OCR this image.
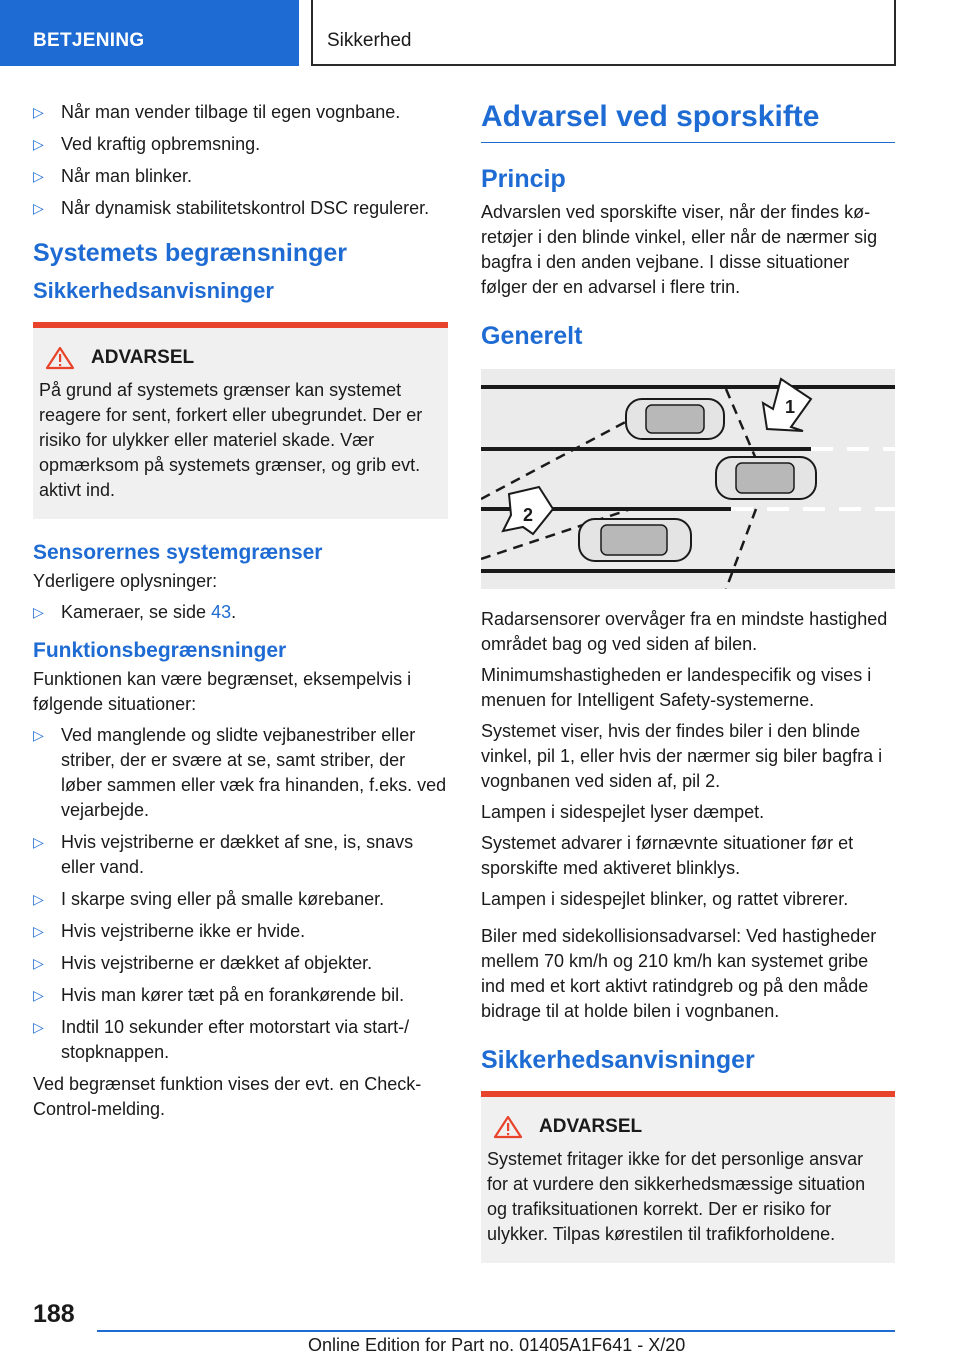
BETJENING	Sikkerhed
▷ Når man vender tilbage til egen vognbane.
▷ Ved kraftig opbremsning.
▷ Når man blinker.
▷ Når dynamisk stabilitetskontrol DSC regulerer.
Systemets begrænsninger
Sikkerhedsanvisninger
ADVARSEL

På grund af systemets grænser kan systemet reagere for sent, forkert eller ubegrundet. Der er risiko for ulykker eller materiel skade. Vær opmærksom på systemets grænser, og grib evt. aktivt ind.

Sensorernes systemgrænser

Yderligere oplysninger:

▷ Kameraer, se side 43.
Funktionsbegrænsninger

Funktionen kan være begrænset, eksempelvis i følgende situationer:

▷ Ved manglende og slidte vejbanestriber eller striber, der er svære at se, samt striber, der løber sammen eller væk fra hinanden, f.eks. ved vejarbejde.
▷ Hvis vejstriberne er dækket af sne, is, snavs eller vand.
▷ I skarpe sving eller på smalle kørebaner.
▷ Hvis vejstriberne ikke er hvide.
▷ Hvis vejstriberne er dækket af objekter.
▷ Hvis man kører tæt på en forankørende bil.
▷ Indtil 10 sekunder efter motorstart via start-/ stopknappen.

Ved begrænset funktion vises der evt. en Check-Control-melding.

Advarsel ved sporskifte
Princip

Advarslen ved sporskifte viser, når der findes køretøjer i den blinde vinkel, eller når de nærmer sig bagfra i den anden vejbane. I disse situationer følger der en advarsel i flere trin.

Generelt
1
2

Radarsensorer overvåger fra en mindste hastighed området bag og ved siden af bilen.

Minimumshastigheden er landespecifik og vises i menuen for Intelligent Safety-systemerne.

Systemet viser, hvis der findes biler i den blinde vinkel, pil 1, eller hvis der nærmer sig biler bagfra i vognbanen ved siden af, pil 2.

Lampen i sidespejlet lyser dæmpet.

Systemet advarer i førnævnte situationer før et sporskifte med aktiveret blinklys.

Lampen i sidespejlet blinker, og rattet vibrerer.

Biler med sidekollisionsadvarsel: Ved hastigheder mellem 70 km/h og 210 km/h kan systemet gribe ind med et kort aktivt ratindgreb og på den måde bidrage til at holde bilen i vognbanen.

Sikkerhedsanvisninger
ADVARSEL

Systemet fritager ikke for det personlige ansvar for at vurdere den sikkerhedsmæssige situation og trafiksituationen korrekt. Der er risiko for ulykker. Tilpas kørestilen til trafikforholdene.

188
Online Edition for Part no. 01405A1F641 - X/20
